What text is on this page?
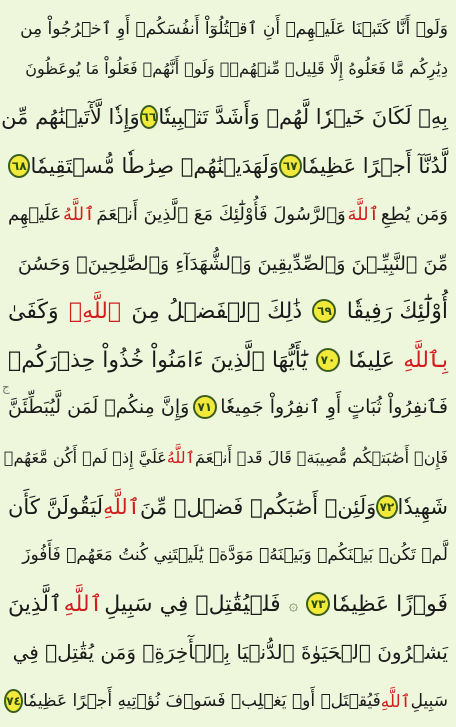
ج
وَلَوۡ أَنَّا كَتَبۡنَا عَلَيۡهِمۡ أَنِ ٱقۡتُلُوٓاْ أَنفُسَكُمۡ أَوِ ٱخۡرُجُواْ مِن
دِيَٰرِكُم مَّا فَعَلُوهُ إِلَّا قَلِيلٞ مِّنۡهُمۡۖ وَلَوۡ أَنَّهُمۡ فَعَلُواْ مَا يُوعَظُونَ
بِهِۦ لَكَانَ خَيۡرٗا لَّهُمۡ وَأَشَدَّ تَثۡبِيتٗا
٦٦
وَإِذٗا لَّأٓتَيۡنَٰهُم مِّن
لَّدُنَّآ أَجۡرًا عَظِيمٗا
٦٧
وَلَهَدَيۡنَٰهُمۡ صِرَٰطٗا مُّسۡتَقِيمٗا
٦٨
وَمَن يُطِعِ
ٱللَّهَ
وَٱلرَّسُولَ فَأُوْلَٰٓئِكَ مَعَ ٱلَّذِينَ أَنۡعَمَ
ٱللَّهُ
عَلَيۡهِم
مِّنَ ٱلنَّبِيِّـۧنَ وَٱلصِّدِّيقِينَ وَٱلشُّهَدَآءِ وَٱلصَّٰلِحِينَۚ وَحَسُنَ
أُوْلَٰٓئِكَ رَفِيقٗا
٦٩
ذَٰلِكَ ٱلۡفَضۡلُ مِنَ
ٱللَّهِۚ
وَكَفَىٰ
بِٱللَّهِ
عَلِيمٗا
٧٠
يَٰٓأَيُّهَا ٱلَّذِينَ ءَامَنُواْ خُذُواْ حِذۡرَكُمۡ
فَٱنفِرُواْ ثُبَاتٍ أَوِ ٱنفِرُواْ جَمِيعٗا
٧١
وَإِنَّ مِنكُمۡ لَمَن لَّيُبَطِّئَنَّ
فَإِنۡ أَصَٰبَتۡكُم مُّصِيبَةٞ قَالَ قَدۡ أَنۡعَمَ
ٱللَّهُ
عَلَيَّ إِذۡ لَمۡ أَكُن مَّعَهُمۡ
شَهِيدٗا
٧٢
وَلَئِنۡ أَصَٰبَكُمۡ فَضۡلٞ مِّنَ
ٱللَّهِ
لَيَقُولَنَّ كَأَن
لَّمۡ تَكُنۢ بَيۡنَكُمۡ وَبَيۡنَهُۥ مَوَدَّةٞ يَٰلَيۡتَنِي كُنتُ مَعَهُمۡ فَأَفُوزَ
فَوۡزًا عَظِيمٗا
٧٣
۞
فَلۡيُقَٰتِلۡ فِي سَبِيلِ
ٱللَّهِ
ٱلَّذِينَ
يَشۡرُونَ ٱلۡحَيَوٰةَ ٱلدُّنۡيَا بِٱلۡأٓخِرَةِۚ وَمَن يُقَٰتِلۡ فِي
سَبِيلِ
ٱللَّهِ
فَيُقۡتَلۡ أَوۡ يَغۡلِبۡ فَسَوۡفَ نُؤۡتِيهِ أَجۡرًا عَظِيمٗا
٧٤
